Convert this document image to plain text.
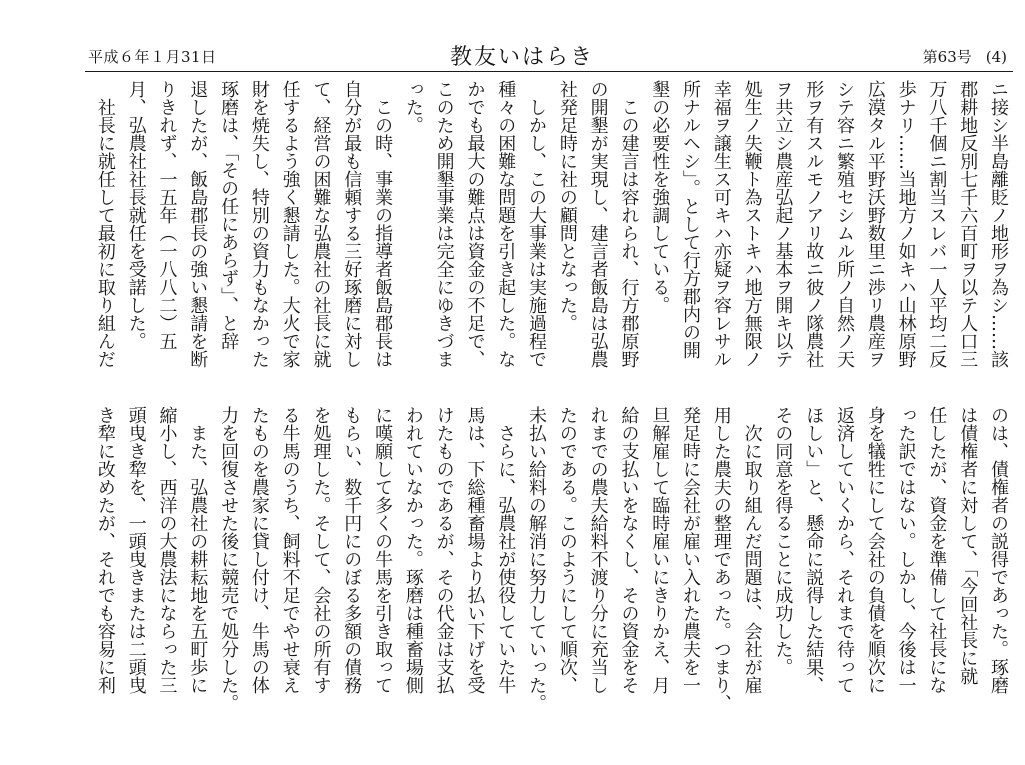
平成６年１月31日	教友いはらき	第63号 (4)
ニ接シ半島離貶ノ地形ヲ為シ……該
郡耕地反別七千六百町ヲ以テ人口三
万八千個ニ割当スレバ一人平均二反
歩ナリ……当地方ノ如キハ山林原野
広漠タル平野沃野数里ニ渉リ農産ヲ
シテ容ニ繁殖セシムル所ノ自然ノ天
形ヲ有スルモノアリ故ニ彼ノ隊農社
ヲ共立シ農産弘起ノ基本ヲ開キ以テ
処生ノ失鞭ト為ストキハ地方無限ノ
幸福ヲ譲生ス可キハ亦疑ヲ容レサル
所ナルヘシ」。として行方郡内の開
墾の必要性を強調している。
　この建言は容れられ、行方郡原野
の開墾が実現し、建言者飯島は弘農
社発足時に社の顧問となった。
　しかし、この大事業は実施過程で
種々の困難な問題を引き起した。な
かでも最大の難点は資金の不足で、
このため開墾事業は完全にゆきづま
った。
　この時、事業の指導者飯島郡長は
自分が最も信頼する三好琢磨に対し
て、経営の困難な弘農社の社長に就
任するよう強く懇請した。大火で家
財を焼失し、特別の資力もなかった
琢磨は、「その任にあらず」、と辞
退したが、飯島郡長の強い懇請を断
りきれず、一五年（一八八二）五
月、弘農社社長就任を受諾した。
　社長に就任して最初に取り組んだ
のは、債権者の説得であった。琢磨
は債権者に対して、「今回社長に就
任したが、資金を準備して社長にな
った訳ではない。しかし、今後は一
身を犠牲にして会社の負債を順次に
返済していくから、それまで待って
ほしい」と、懸命に説得した結果、
その同意を得ることに成功した。
　次に取り組んだ問題は、会社が雇
用した農夫の整理であった。つまり、
発足時に会社が雇い入れた農夫を一
旦解雇して臨時雇いにきりかえ、月
給の支払いをなくし、その資金をそ
れまでの農夫給料不渡り分に充当し
たのである。このようにして順次、
未払い給料の解消に努力していった。
　さらに、弘農社が使役していた牛
馬は、下総種畜場より払い下げを受
けたものであるが、その代金は支払
われていなかった。琢磨は種畜場側
に嘆願して多くの牛馬を引き取って
もらい、数千円にのぼる多額の債務
を処理した。そして、会社の所有す
る牛馬のうち、飼料不足でやせ衰え
たものを農家に貸し付け、牛馬の体
力を回復させた後に競売で処分した。
　また、弘農社の耕耘地を五町歩に
縮小し、西洋の大農法にならった三
頭曳き犂を、一頭曳きまたは二頭曳
き犂に改めたが、それでも容易に利
